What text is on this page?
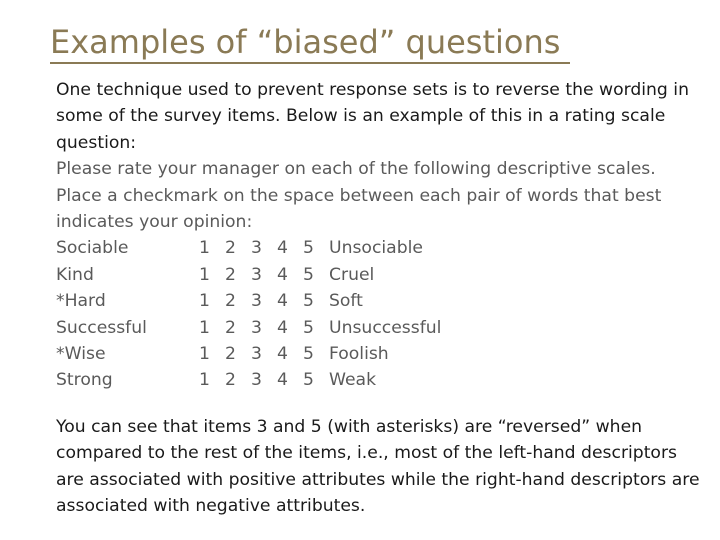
Examples of “biased” questions

One technique used to prevent response sets is to reverse the wording in some of the survey items. Below is an example of this in a rating scale question:

Please rate your manager on each of the following descriptive scales. Place a checkmark on the space between each pair of words that best indicates your opinion:

Sociable	1 2 3 4 5 Unsociable
Kind	1 2 3 4 5 Cruel
*Hard	1 2 3 4 5 Soft
Successful	1 2 3 4 5 Unsuccessful
*Wise	1 2 3 4 5 Foolish
Strong	1 2 3 4 5 Weak

You can see that items 3 and 5 (with asterisks) are “reversed” when compared to the rest of the items, i.e., most of the left-hand descriptors are associated with positive attributes while the right-hand descriptors are associated with negative attributes.
